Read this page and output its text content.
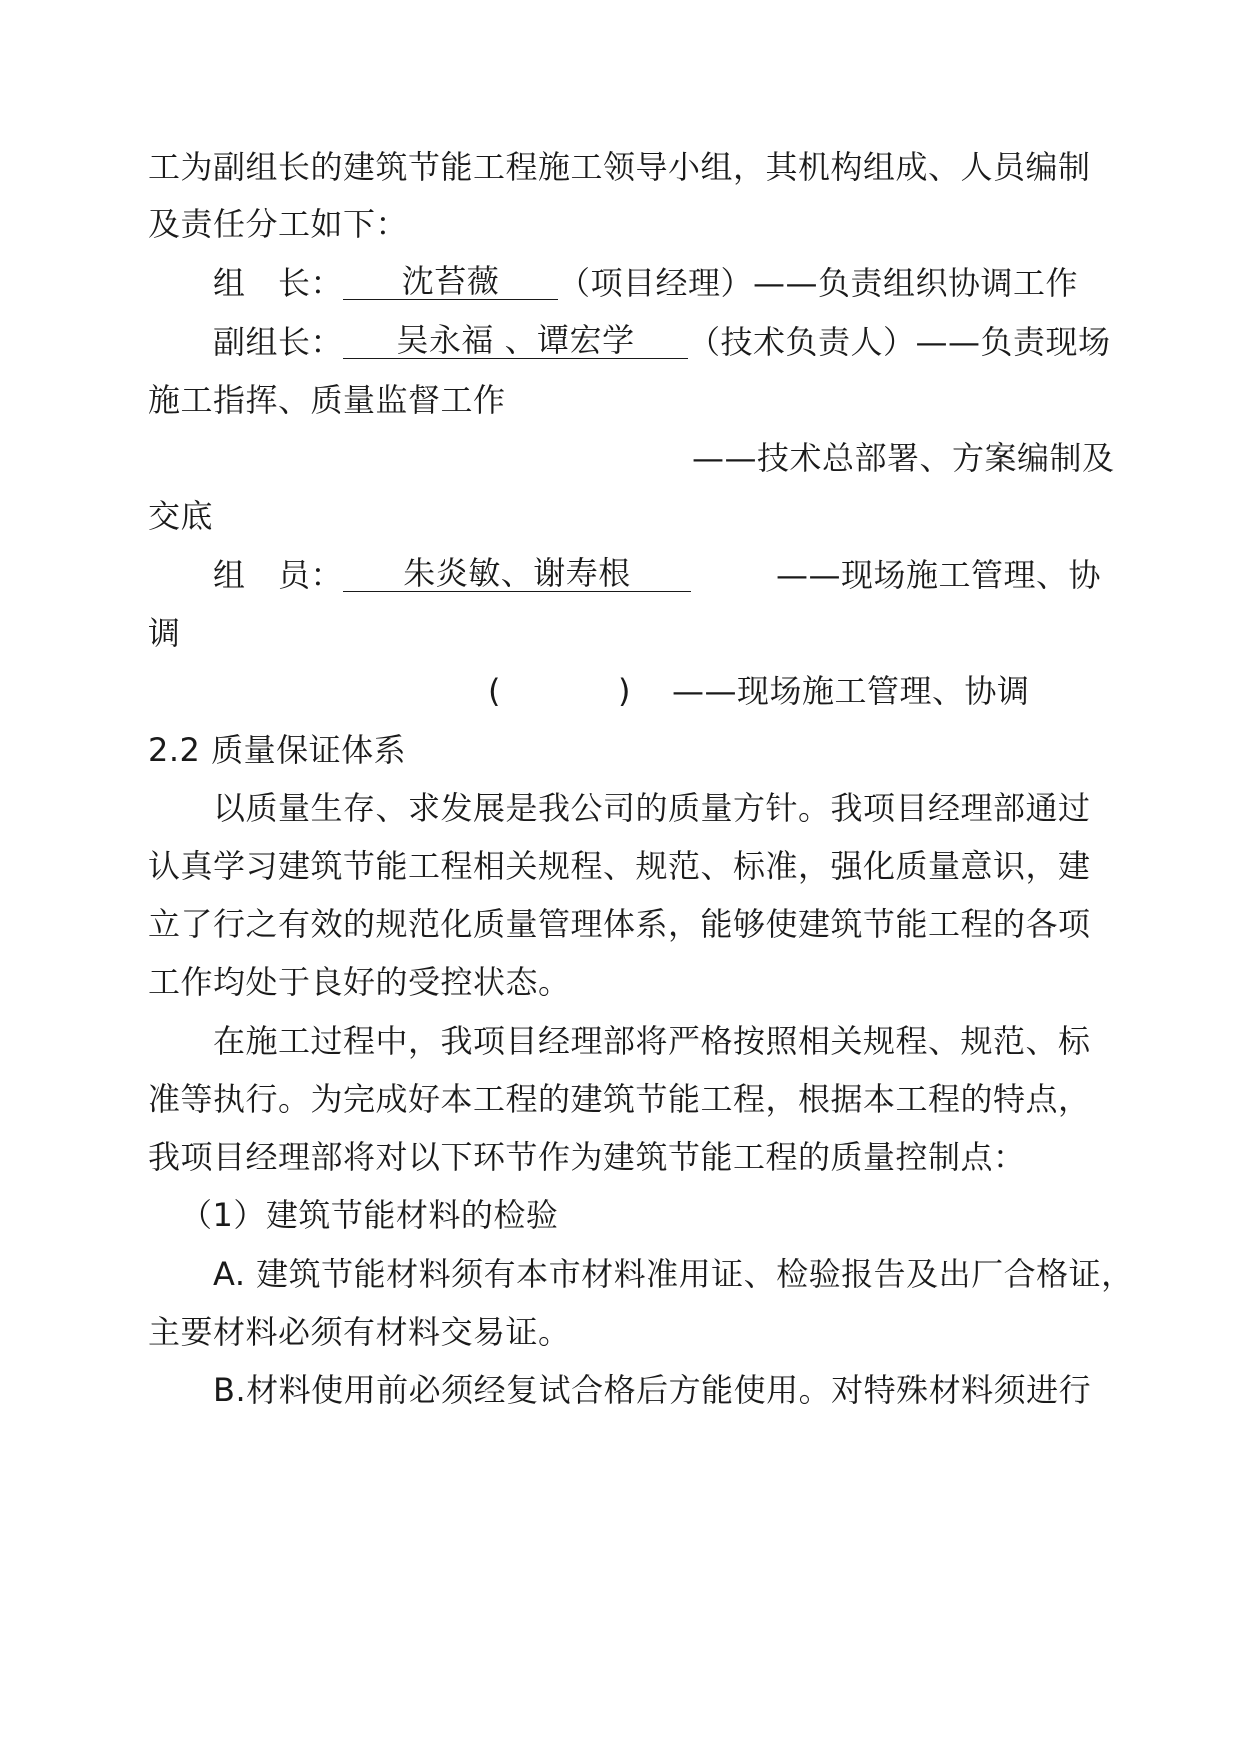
工为副组长的建筑节能工程施工领导小组，其机构组成、人员编制
及责任分工如下：
组　长： 沈苔薇 （项目经理）——负责组织协调工作
副组长： 吴永福 、谭宏学 （技术负责人）——负责现场
施工指挥、质量监督工作
——技术总部署、方案编制及
交底
组　员： 朱炎敏、谢寿根	——现场施工管理、协
调
(	) ——现场施工管理、协调
2.2 质量保证体系
以质量生存、求发展是我公司的质量方针。我项目经理部通过
认真学习建筑节能工程相关规程、规范、标准，强化质量意识，建
立了行之有效的规范化质量管理体系，能够使建筑节能工程的各项
工作均处于良好的受控状态。
在施工过程中，我项目经理部将严格按照相关规程、规范、标
准等执行。为完成好本工程的建筑节能工程，根据本工程的特点，
我项目经理部将对以下环节作为建筑节能工程的质量控制点：
（1）建筑节能材料的检验
A. 建筑节能材料须有本市材料准用证、检验报告及出厂合格证，
主要材料必须有材料交易证。
B.材料使用前必须经复试合格后方能使用。对特殊材料须进行
